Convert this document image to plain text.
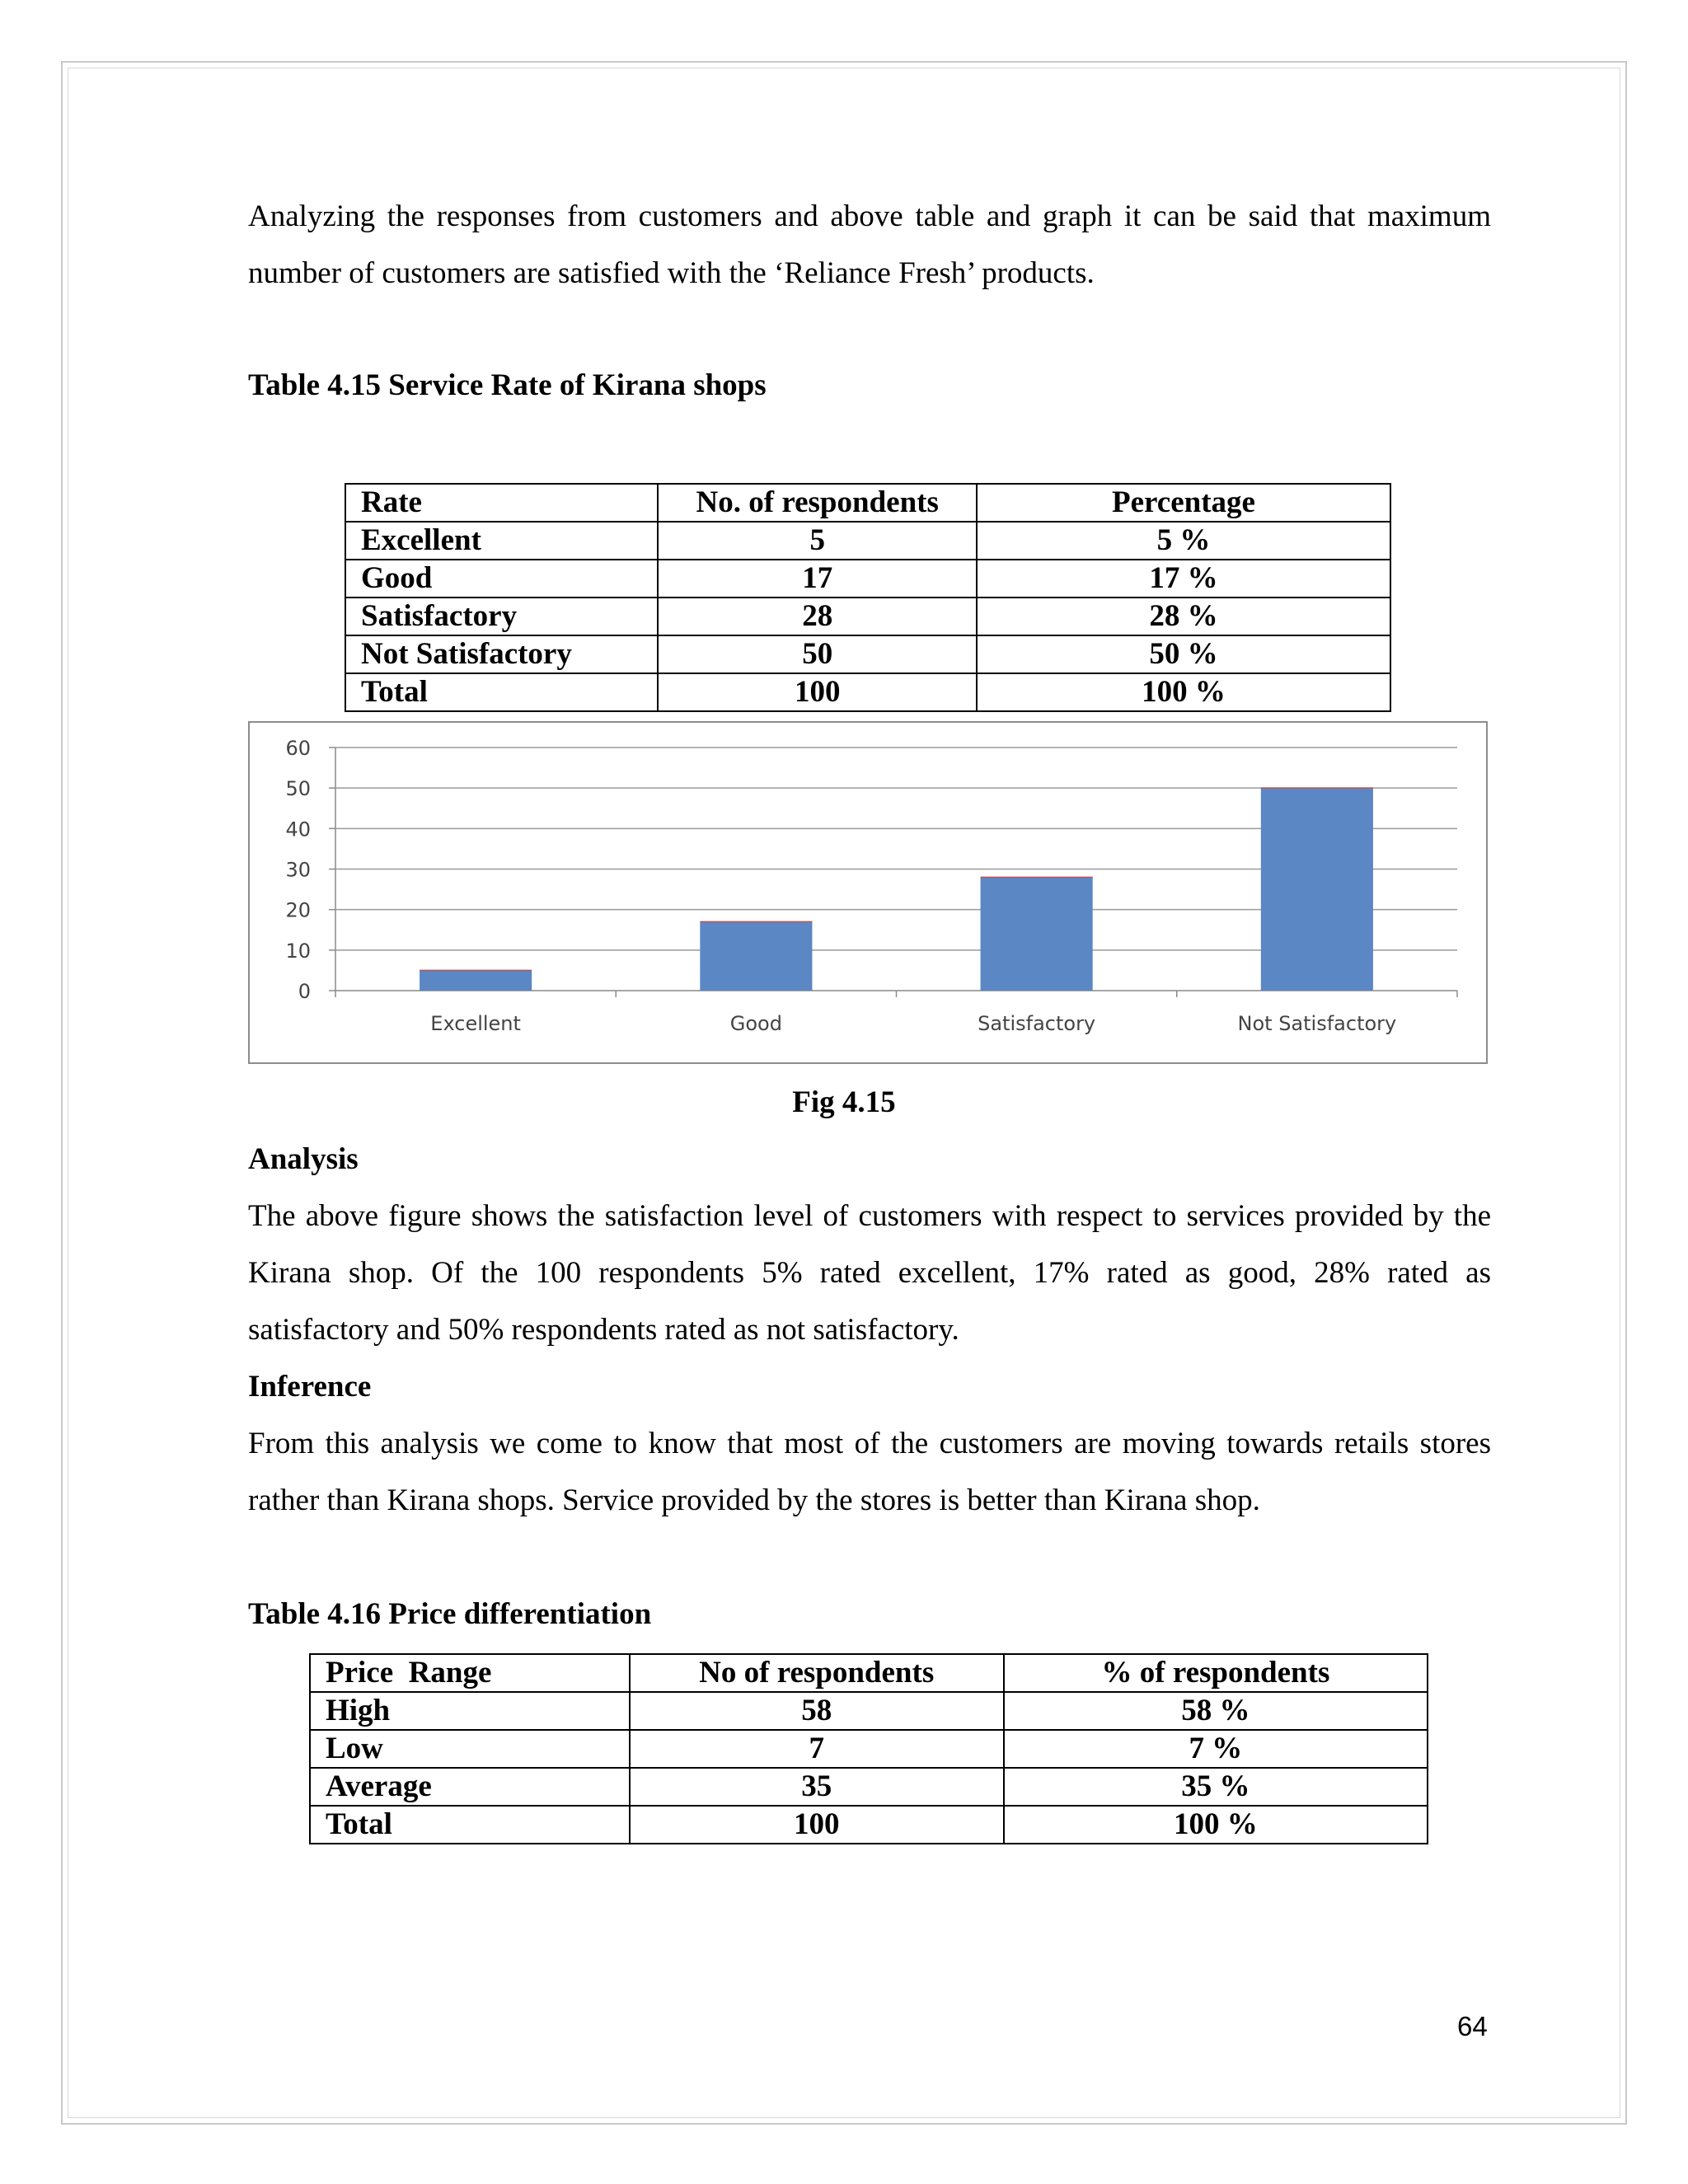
Analyzing the responses from customers and above table and graph it can be said that maximum number of customers are satisfied with the ‘Reliance Fresh’ products.
Table 4.15 Service Rate of Kirana shops
Rate	No. of respondents	Percentage
Excellent	5	5 %
Good	17	17 %
Satisfactory	28	28 %
Not Satisfactory	50	50 %
Total	100	100 %
0
10
20
30
40
50
60
Excellent	Good	Satisfactory	Not Satisfactory
Fig 4.15
Analysis
The above figure shows the satisfaction level of customers with respect to services provided by the Kirana shop. Of the 100 respondents 5% rated excellent, 17% rated as good, 28% rated as satisfactory and 50% respondents rated as not satisfactory.
Inference
From this analysis we come to know that most of the customers are moving towards retails stores rather than Kirana shops. Service provided by the stores is better than Kirana shop.
Table 4.16 Price differentiation
Price  Range	No of respondents	% of respondents
High	58	58 %
Low	7	7 %
Average	35	35 %
Total	100	100 %
64
